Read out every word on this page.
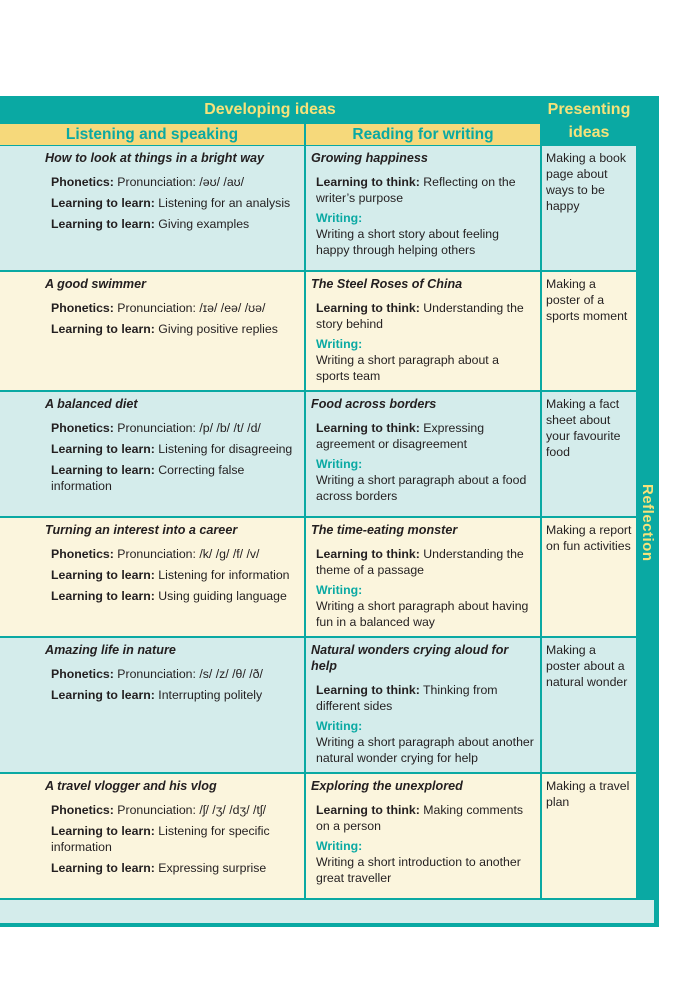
Developing ideas	Presenting
ideas
Listening and speaking	Reading for writing
Reflection
How to look at things in a bright way
Phonetics: Pronunciation: /əʊ/ /aʊ/
Learning to learn: Listening for an analysis
Learning to learn: Giving examples
Growing happiness
Learning to think: Reflecting on the writer’s purpose
Writing:
Writing a short story about feeling happy through helping others
Making a book page about ways to be happy
A good swimmer
Phonetics: Pronunciation: /ɪə/ /eə/ /ʊə/
Learning to learn: Giving positive replies
The Steel Roses of China
Learning to think: Understanding the story behind
Writing:
Writing a short paragraph about a sports team
Making a poster of a sports moment
A balanced diet
Phonetics: Pronunciation: /p/ /b/ /t/ /d/
Learning to learn: Listening for disagreeing
Learning to learn: Correcting false information
Food across borders
Learning to think: Expressing agreement or disagreement
Writing:
Writing a short paragraph about a food across borders
Making a fact sheet about your favourite food
Turning an interest into a career
Phonetics: Pronunciation: /k/ /g/ /f/ /v/
Learning to learn: Listening for information
Learning to learn: Using guiding language
The time-eating monster
Learning to think: Understanding the theme of a passage
Writing:
Writing a short paragraph about having fun in a balanced way
Making a report on fun activities
Amazing life in nature
Phonetics: Pronunciation: /s/ /z/ /θ/ /ð/
Learning to learn: Interrupting politely
Natural wonders crying aloud for help
Learning to think: Thinking from different sides
Writing:
Writing a short paragraph about another natural wonder crying for help
Making a poster about a natural wonder
A travel vlogger and his vlog
Phonetics: Pronunciation: /ʃ/ /ʒ/ /dʒ/ /tʃ/
Learning to learn: Listening for specific information
Learning to learn: Expressing surprise
Exploring the unexplored
Learning to think: Making comments on a person
Writing:
Writing a short introduction to another great traveller
Making a travel plan
